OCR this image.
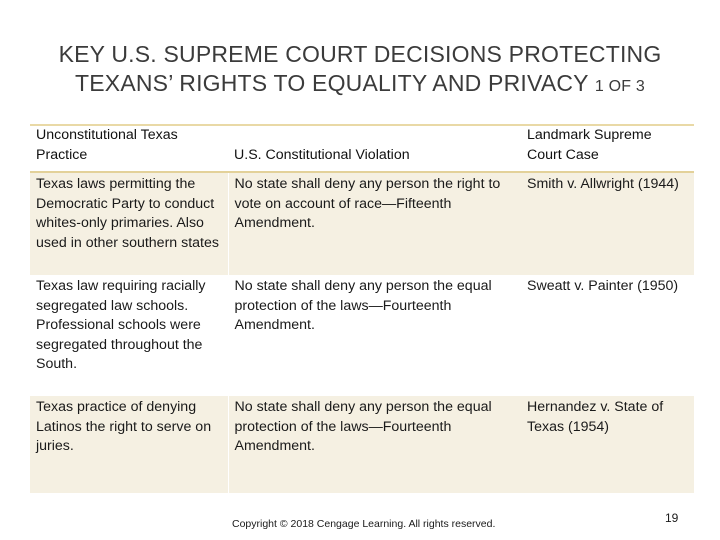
KEY U.S. SUPREME COURT DECISIONS PROTECTING
TEXANS’ RIGHTS TO EQUALITY AND PRIVACY 1 OF 3
Unconstitutional Texas Practice	U.S. Constitutional Violation	Landmark Supreme Court Case
Texas laws permitting the Democratic Party to conduct whites-only primaries. Also used in other southern states	No state shall deny any person the right to vote on account of race—Fifteenth Amendment.	Smith v. Allwright (1944)
Texas law requiring racially segregated law schools. Professional schools were segregated throughout the South.	No state shall deny any person the equal protection of the laws—Fourteenth Amendment.	Sweatt v. Painter (1950)
Texas practice of denying Latinos the right to serve on juries.	No state shall deny any person the equal protection of the laws—Fourteenth Amendment.	Hernandez v. State of Texas (1954)
Copyright © 2018 Cengage Learning. All rights reserved.	19
